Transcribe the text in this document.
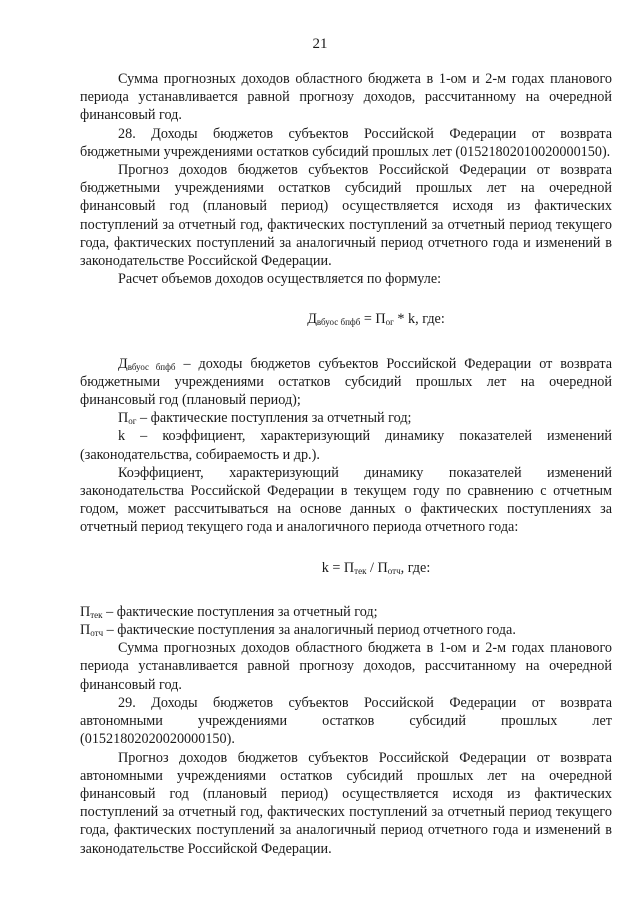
21

Сумма прогнозных доходов областного бюджета в 1-ом и 2-м годах планового периода устанавливается равной прогнозу доходов, рассчитанному на очередной финансовый год.

28. Доходы бюджетов субъектов Российской Федерации от возврата бюджетными учреждениями остатков субсидий прошлых лет (01521802010020000150).

Прогноз доходов бюджетов субъектов Российской Федерации от возврата бюджетными учреждениями остатков субсидий прошлых лет на очередной финансовый год (плановый период) осуществляется исходя из фактических поступлений за отчетный год, фактических поступлений за отчетный период текущего года, фактических поступлений за аналогичный период отчетного года и изменений в законодательстве Российской Федерации.

Расчет объемов доходов осуществляется по формуле:

$Д_{вбуос бпфб} = П_{ог} * k$, где:

$Д_{вбуос бпфб}$ – доходы бюджетов субъектов Российской Федерации от возврата бюджетными учреждениями остатков субсидий прошлых лет на очередной финансовый год (плановый период);

$П_{ог}$ – фактические поступления за отчетный год;

k – коэффициент, характеризующий динамику показателей изменений (законодательства, собираемость и др.).

Коэффициент, характеризующий динамику показателей изменений законодательства Российской Федерации в текущем году по сравнению с отчетным годом, может рассчитываться на основе данных о фактических поступлениях за отчетный период текущего года и аналогичного периода отчетного года:

$k = П_{тек} / П_{отч}$, где:

$П_{тек}$ – фактические поступления за отчетный год;

$П_{отч}$ – фактические поступления за аналогичный период отчетного года.

Сумма прогнозных доходов областного бюджета в 1-ом и 2-м годах планового периода устанавливается равной прогнозу доходов, рассчитанному на очередной финансовый год.

29. Доходы бюджетов субъектов Российской Федерации от возврата автономными учреждениями остатков субсидий прошлых лет (01521802020020000150).

Прогноз доходов бюджетов субъектов Российской Федерации от возврата автономными учреждениями остатков субсидий прошлых лет на очередной финансовый год (плановый период) осуществляется исходя из фактических поступлений за отчетный год, фактических поступлений за отчетный период текущего года, фактических поступлений за аналогичный период отчетного года и изменений в законодательстве Российской Федерации.
